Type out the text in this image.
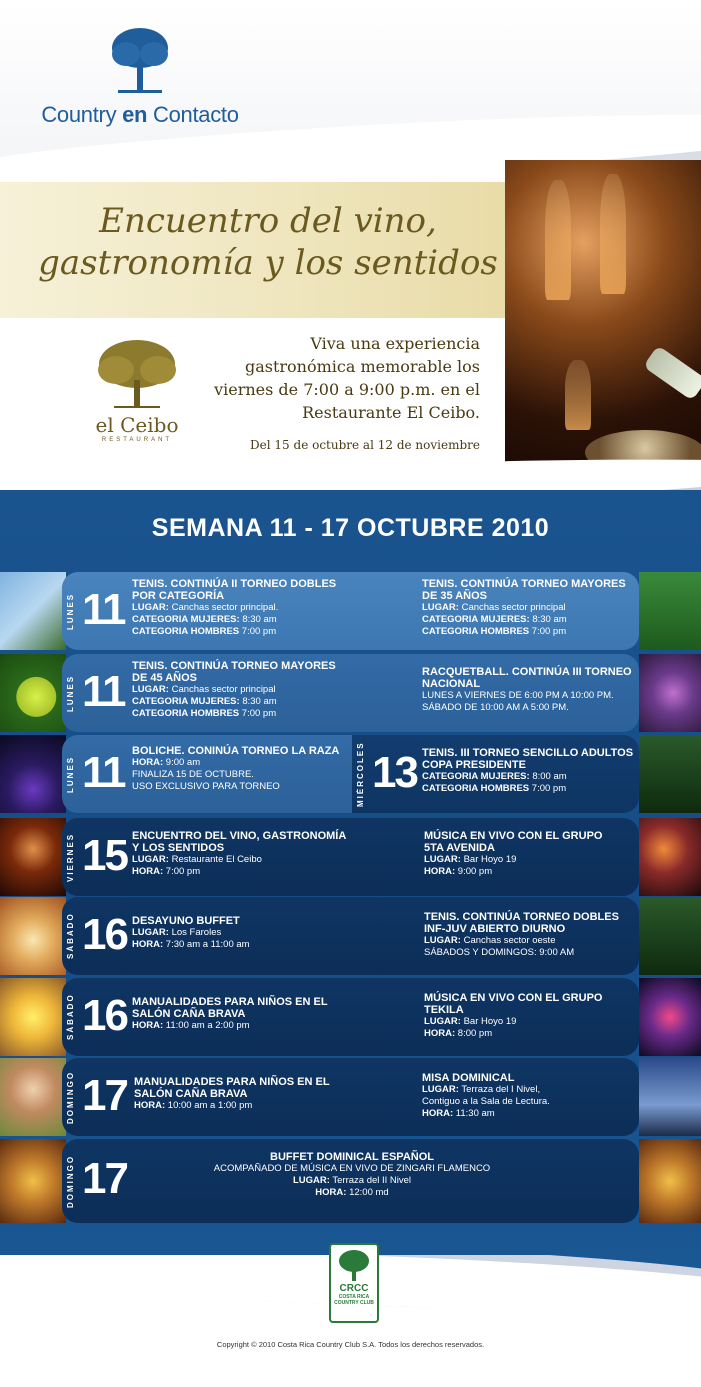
Country en Contacto
Encuentro del vino,
gastronomía y los sentidos
el Ceibo
RESTAURANT
Viva una experiencia
gastronómica memorable los
viernes de 7:00 a 9:00 p.m. en el
Restaurante El Ceibo.
Del 15 de octubre al 12 de noviembre
SEMANA 11 - 17 OCTUBRE 2010
LUNES 11
TENIS. CONTINÚA II TORNEO DOBLES POR CATEGORÍA
LUGAR: Canchas sector principal.
CATEGORIA MUJERES: 8:30 am
CATEGORIA HOMBRES 7:00 pm
TENIS. CONTINÚA TORNEO MAYORES DE 35 AÑOS
LUGAR: Canchas sector principal
CATEGORIA MUJERES: 8:30 am
CATEGORIA HOMBRES 7:00 pm
LUNES 11
TENIS. CONTINÚA TORNEO MAYORES DE 45 AÑOS
LUGAR: Canchas sector principal
CATEGORIA MUJERES: 8:30 am
CATEGORIA HOMBRES 7:00 pm
RACQUETBALL. CONTINÚA III TORNEO NACIONAL
LUNES A VIERNES DE 6:00 PM A 10:00 PM.
SÁBADO DE 10:00 AM A 5:00 PM.
LUNES 11 BOLICHE. CONINÚA TORNEO LA RAZA
HORA: 9:00 am
FINALIZA 15 DE OCTUBRE.
USO EXCLUSIVO PARA TORNEO	MIÉRCOLES 13 TENIS. III TORNEO SENCILLO ADULTOS COPA PRESIDENTE
CATEGORIA MUJERES: 8:00 am
CATEGORIA HOMBRES 7:00 pm
VIERNES 15 ENCUENTRO DEL VINO, GASTRONOMÍA Y LOS SENTIDOS
LUGAR: Restaurante El Ceibo
HORA: 7:00 pm
MÚSICA EN VIVO CON EL GRUPO 5TA AVENIDA
LUGAR: Bar Hoyo 19
HORA: 9:00 pm
SÁBADO 16 DESAYUNO BUFFET
LUGAR: Los Faroles
HORA: 7:30 am a 11:00 am
TENIS. CONTINÚA TORNEO DOBLES INF-JUV ABIERTO DIURNO
LUGAR: Canchas sector oeste
SÁBADOS Y DOMINGOS: 9:00 AM
SÁBADO 16 MANUALIDADES PARA NIÑOS EN EL SALÓN CAÑA BRAVA
HORA: 11:00 am a 2:00 pm
MÚSICA EN VIVO CON EL GRUPO TEKILA
LUGAR: Bar Hoyo 19
HORA: 8:00 pm
DOMINGO 17 MANUALIDADES PARA NIÑOS EN EL SALÓN CAÑA BRAVA
HORA: 10:00 am a 1:00 pm
MISA DOMINICAL
LUGAR: Terraza del I Nivel,
Contiguo a la Sala de Lectura.
HORA: 11:30 am
DOMINGO 17	BUFFET DOMINICAL ESPAÑOL
ACOMPAÑADO DE MÚSICA EN VIVO DE ZINGARI FLAMENCO
LUGAR: Terraza del II Nivel
HORA: 12:00 md
CRCC
COSTA RICA
COUNTRY CLUB
Copyright © 2010 Costa Rica Country Club S.A. Todos los derechos reservados.
